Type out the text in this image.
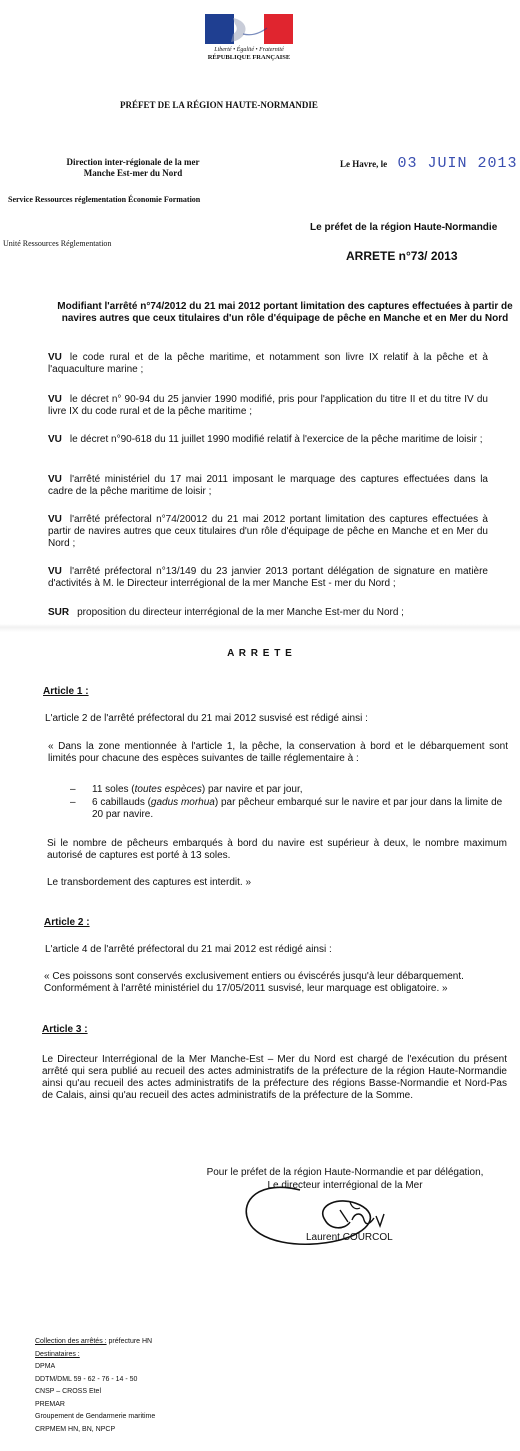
Liberté • Égalité • Fraternité
RÉPUBLIQUE FRANÇAISE
PRÉFET DE LA RÉGION HAUTE-NORMANDIE
Direction inter-régionale de la mer
Manche Est-mer du Nord
Service Ressources réglementation Économie Formation
Unité Ressources Réglementation
Le Havre, le 03 JUIN 2013
Le préfet de la région Haute-Normandie
ARRETE n°73/ 2013
Modifiant l'arrêté n°74/2012 du 21 mai 2012 portant limitation des captures effectuées à partir de navires autres que ceux titulaires d'un rôle d'équipage de pêche en Manche et en Mer du Nord
VU le code rural et de la pêche maritime, et notamment son livre IX relatif à la pêche et à l'aquaculture marine ;
VU le décret n° 90-94 du 25 janvier 1990 modifié, pris pour l'application du titre II et du titre IV du livre IX du code rural et de la pêche maritime ;
VU le décret n°90-618 du 11 juillet 1990 modifié relatif à l'exercice de la pêche maritime de loisir ;
VU l'arrêté ministériel du 17 mai 2011 imposant le marquage des captures effectuées dans la cadre de la pêche maritime de loisir ;
VU l'arrêté préfectoral n°74/20012 du 21 mai 2012 portant limitation des captures effectuées à partir de navires autres que ceux titulaires d'un rôle d'équipage de pêche en Manche et en Mer du Nord ;
VU l'arrêté préfectoral n°13/149 du 23 janvier 2013 portant délégation de signature en matière d'activités à M. le Directeur interrégional de la mer Manche Est - mer du Nord ;
SUR proposition du directeur interrégional de la mer Manche Est-mer du Nord ;
A R R E T E
Article 1 :
L'article 2 de l'arrêté préfectoral du 21 mai 2012 susvisé est rédigé ainsi :
« Dans la zone mentionnée à l'article 1, la pêche, la conservation à bord et le débarquement sont limités pour chacune des espèces suivantes de taille réglementaire à :
– 11 soles (toutes espèces) par navire et par jour,
– 6 cabillauds (gadus morhua) par pêcheur embarqué sur le navire et par jour dans la limite de 20 par navire.
Si le nombre de pêcheurs embarqués à bord du navire est supérieur à deux, le nombre maximum autorisé de captures est porté à 13 soles.
Le transbordement des captures est interdit. »
Article 2 :
L'article 4 de l'arrêté préfectoral du 21 mai 2012 est rédigé ainsi :
« Ces poissons sont conservés exclusivement entiers ou éviscérés jusqu'à leur débarquement. Conformément à l'arrêté ministériel du 17/05/2011 susvisé, leur marquage est obligatoire. »
Article 3 :
Le Directeur Interrégional de la Mer Manche-Est – Mer du Nord est chargé de l'exécution du présent arrêté qui sera publié au recueil des actes administratifs de la préfecture de la région Haute-Normandie ainsi qu'au recueil des actes administratifs de la préfecture des régions Basse-Normandie et Nord-Pas de Calais, ainsi qu'au recueil des actes administratifs de la préfecture de la Somme.
Pour le préfet de la région Haute-Normandie et par délégation,
Le directeur interrégional de la Mer
Laurent COURCOL
Collection des arrêtés : préfecture HN
Destinataires :
DPMA
DDTM/DML 59 - 62 - 76 - 14 - 50
CNSP – CROSS Etel
PREMAR
Groupement de Gendarmerie maritime
CRPMEM HN, BN, NPCP
